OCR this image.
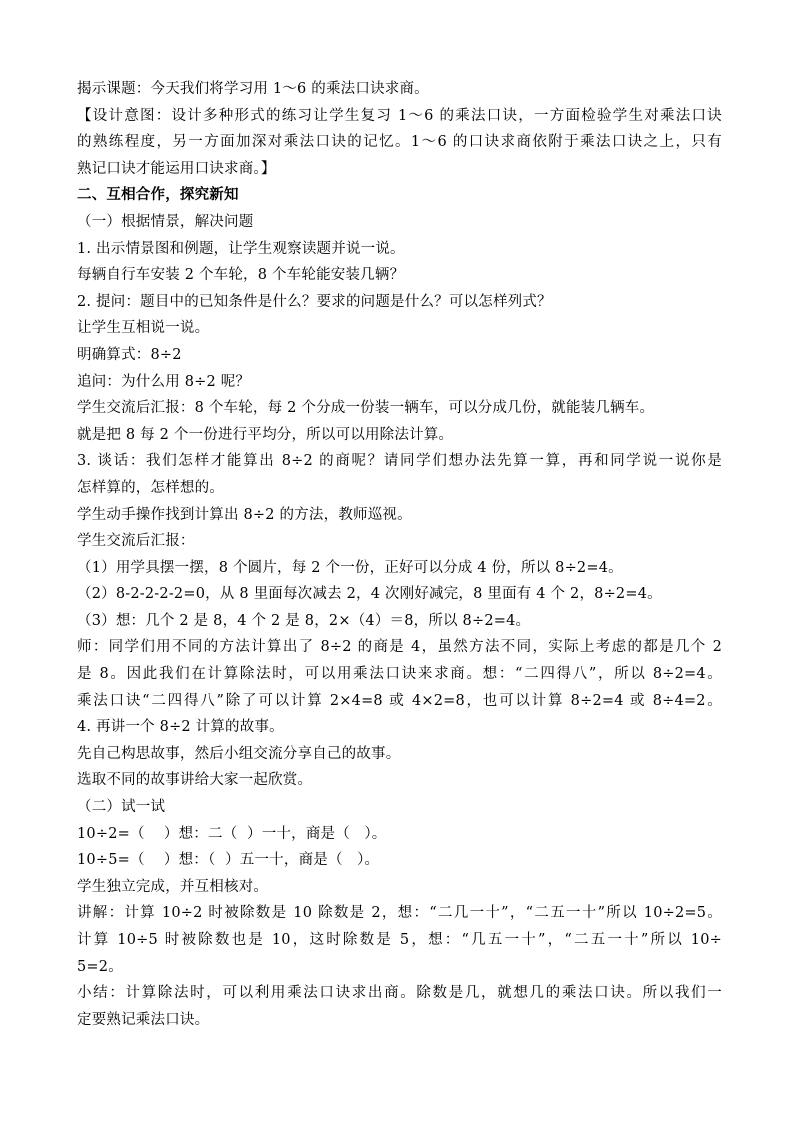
揭示课题：今天我们将学习用 1～6 的乘法口诀求商。
【设计意图：设计多种形式的练习让学生复习 1～6 的乘法口诀，一方面检验学生对乘法口诀
的熟练程度，另一方面加深对乘法口诀的记忆。1～6 的口诀求商依附于乘法口诀之上，只有
熟记口诀才能运用口诀求商。】
二、互相合作，探究新知
（一）根据情景，解决问题
1. 出示情景图和例题，让学生观察读题并说一说。
每辆自行车安装 2 个车轮，8 个车轮能安装几辆？
2. 提问：题目中的已知条件是什么？要求的问题是什么？可以怎样列式？
让学生互相说一说。
明确算式：8÷2
追问：为什么用 8÷2 呢？
学生交流后汇报：8 个车轮，每 2 个分成一份装一辆车，可以分成几份，就能装几辆车。
就是把 8 每 2 个一份进行平均分，所以可以用除法计算。
3. 谈话：我们怎样才能算出 8÷2 的商呢？请同学们想办法先算一算，再和同学说一说你是
怎样算的，怎样想的。
学生动手操作找到计算出 8÷2 的方法，教师巡视。
学生交流后汇报：
（1）用学具摆一摆，8 个圆片，每 2 个一份，正好可以分成 4 份，所以 8÷2=4。
（2）8-2-2-2-2=0，从 8 里面每次减去 2，4 次刚好减完，8 里面有 4 个 2，8÷2=4。
（3）想：几个 2 是 8，4 个 2 是 8，2×（4）＝8，所以 8÷2=4。
师：同学们用不同的方法计算出了 8÷2 的商是 4，虽然方法不同，实际上考虑的都是几个 2
是 8。因此我们在计算除法时，可以用乘法口诀来求商。想：“二四得八”，所以 8÷2=4。
乘法口诀“二四得八”除了可以计算 2×4=8 或 4×2=8，也可以计算 8÷2=4 或 8÷4=2。
4. 再讲一个 8÷2 计算的故事。
先自己构思故事，然后小组交流分享自己的故事。
选取不同的故事讲给大家一起欣赏。
（二）试一试
10÷2=（    ）想：二（  ）一十，商是（   ）。
10÷5=（    ）想：（  ）五一十，商是（   ）。
学生独立完成，并互相核对。
讲解：计算 10÷2 时被除数是 10 除数是 2，想：“二几一十”，“二五一十”所以 10÷2=5。
计算 10÷5 时被除数也是 10，这时除数是 5，想：“几五一十”，“二五一十”所以 10÷
5=2。
小结：计算除法时，可以利用乘法口诀求出商。除数是几，就想几的乘法口诀。所以我们一
定要熟记乘法口诀。
